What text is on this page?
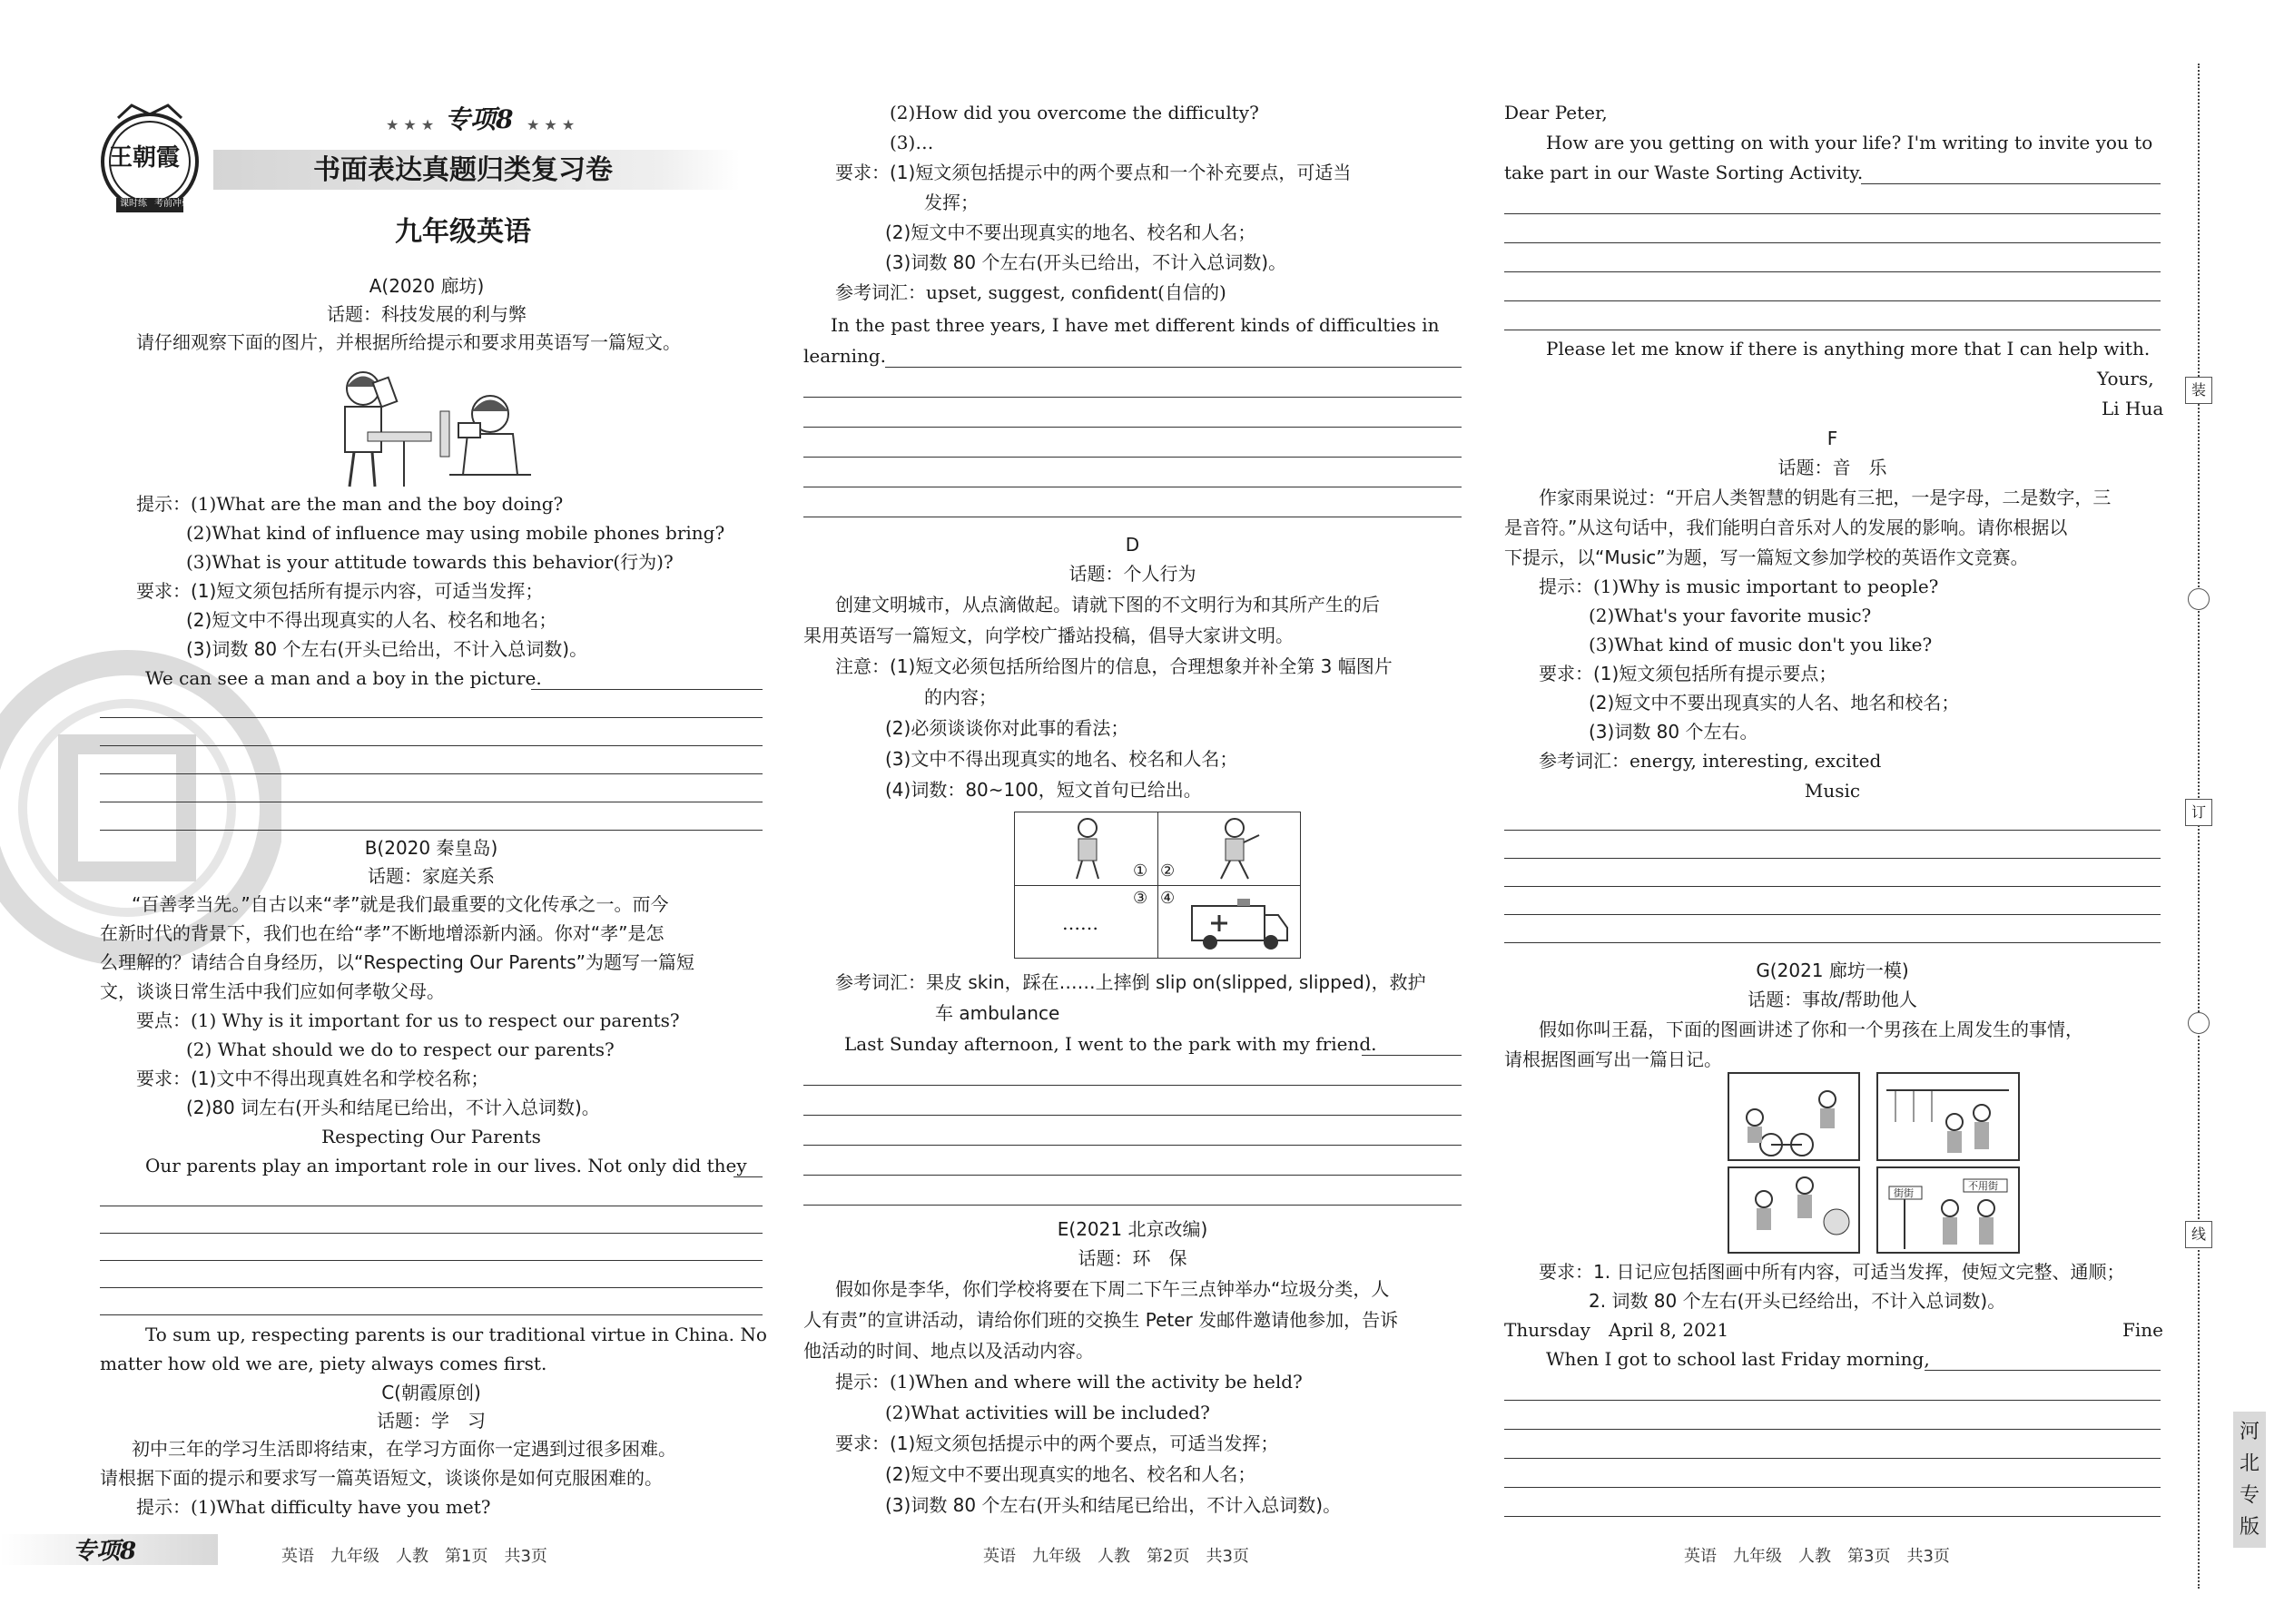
王朝霞
课时练 考前冲刺
★ ★ ★ 专项8 ★ ★ ★
书面表达真题归类复习卷
九年级英语
A(2020 廊坊)
话题：科技发展的利与弊
请仔细观察下面的图片，并根据所给提示和要求用英语写一篇短文。
提示：(1)What are the man and the boy doing?
(2)What kind of influence may using mobile phones bring?
(3)What is your attitude towards this behavior(行为)?
要求：(1)短文须包括所有提示内容，可适当发挥；
(2)短文中不得出现真实的人名、校名和地名；
(3)词数 80 个左右(开头已给出，不计入总词数)。
We can see a man and a boy in the picture.
B(2020 秦皇岛)
话题：家庭关系
“百善孝当先。”自古以来“孝”就是我们最重要的文化传承之一。而今
在新时代的背景下，我们也在给“孝”不断地增添新内涵。你对“孝”是怎
么理解的？请结合自身经历，以“Respecting Our Parents”为题写一篇短
文，谈谈日常生活中我们应如何孝敬父母。
要点：(1) Why is it important for us to respect our parents?
(2) What should we do to respect our parents?
要求：(1)文中不得出现真姓名和学校名称；
(2)80 词左右(开头和结尾已给出，不计入总词数)。
Respecting Our Parents
Our parents play an important role in our lives. Not only did they
To sum up, respecting parents is our traditional virtue in China. No
matter how old we are, piety always comes first.
C(朝霞原创)
话题：学　习
初中三年的学习生活即将结束，在学习方面你一定遇到过很多困难。
请根据下面的提示和要求写一篇英语短文，谈谈你是如何克服困难的。
提示：(1)What difficulty have you met?
专项8	英语　九年级　人教　第1页　共3页
(2)How did you overcome the difficulty?
(3)…
要求：(1)短文须包括提示中的两个要点和一个补充要点，可适当
发挥；
(2)短文中不要出现真实的地名、校名和人名；
(3)词数 80 个左右(开头已给出，不计入总词数)。
参考词汇：upset, suggest, confident(自信的)
In the past three years, I have met different kinds of difficulties in
learning.
D
话题：个人行为
创建文明城市，从点滴做起。请就下图的不文明行为和其所产生的后
果用英语写一篇短文，向学校广播站投稿，倡导大家讲文明。
注意：(1)短文必须包括所给图片的信息，合理想象并补全第 3 幅图片
的内容；
(2)必须谈谈你对此事的看法；
(3)文中不得出现真实的地名、校名和人名；
(4)词数：80~100，短文首句已给出。
① ②
③ ④
……
参考词汇：果皮 skin，踩在……上摔倒 slip on(slipped, slipped)，救护
车 ambulance
Last Sunday afternoon, I went to the park with my friend.
E(2021 北京改编)
话题：环　保
假如你是李华，你们学校将要在下周二下午三点钟举办“垃圾分类，人
人有责”的宣讲活动，请给你们班的交换生 Peter 发邮件邀请他参加，告诉
他活动的时间、地点以及活动内容。
提示：(1)When and where will the activity be held?
(2)What activities will be included?
要求：(1)短文须包括提示中的两个要点，可适当发挥；
(2)短文中不要出现真实的地名、校名和人名；
(3)词数 80 个左右(开头和结尾已给出，不计入总词数)。
英语　九年级　人教　第2页　共3页
Dear Peter,
How are you getting on with your life? I'm writing to invite you to
take part in our Waste Sorting Activity.
Please let me know if there is anything more that I can help with.
Yours,
Li Hua
F
话题：音　乐
作家雨果说过：“开启人类智慧的钥匙有三把，一是字母，二是数字，三
是音符。”从这句话中，我们能明白音乐对人的发展的影响。请你根据以
下提示，以“Music”为题，写一篇短文参加学校的英语作文竞赛。
提示：(1)Why is music important to people?
(2)What's your favorite music?
(3)What kind of music don't you like?
要求：(1)短文须包括所有提示要点；
(2)短文中不要出现真实的人名、地名和校名；
(3)词数 80 个左右。
参考词汇：energy, interesting, excited
Music
G(2021 廊坊一模)
话题：事故/帮助他人
假如你叫王磊，下面的图画讲述了你和一个男孩在上周发生的事情，
请根据图画写出一篇日记。
街街
不用街
要求：1. 日记应包括图画中所有内容，可适当发挥，使短文完整、通顺；
2. 词数 80 个左右(开头已经给出，不计入总词数)。
Thursday　April 8, 2021	Fine
When I got to school last Friday morning,
英语　九年级　人教　第3页　共3页
装
订
线
河北专版
